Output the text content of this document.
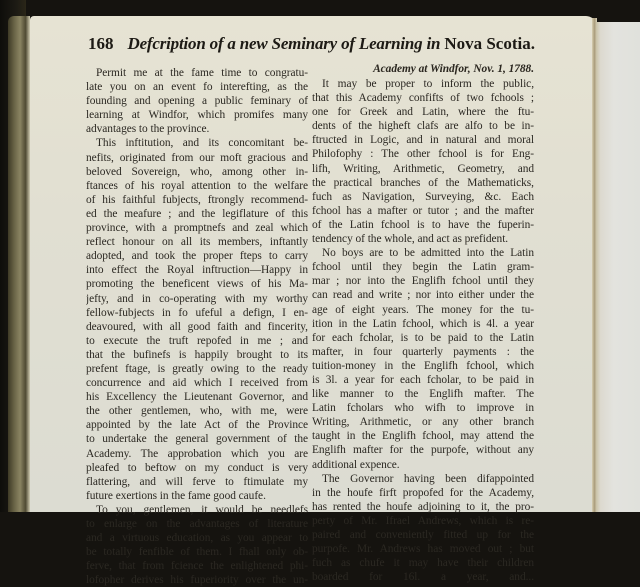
168 Defcription of a new Seminary of Learning in Nova Scotia.
Permit me at the fame time to congratu-
late you on an event fo interefting, as the
founding and opening a public feminary of
learning at Windfor, which promifes many
advantages to the province.
This inftitution, and its concomitant be-
nefits, originated from our moft gracious and
beloved Sovereign, who, among other in-
ftances of his royal attention to the welfare
of his faithful fubjects, ftrongly recommend-
ed the meafure ; and the legiflature of this
province, with a promptnefs and zeal which
reflect honour on all its members, inftantly
adopted, and took the proper fteps to carry
into effect the Royal inftruction—Happy in
promoting the beneficent views of his Ma-
jefty, and in co-operating with my worthy
fellow-fubjects in fo ufeful a defign, I en-
deavoured, with all good faith and fincerity,
to execute the truft repofed in me ; and
that the bufinefs is happily brought to its
prefent ftage, is greatly owing to the ready
concurrence and aid which I received from
his Excellency the Lieutenant Governor, and
the other gentlemen, who, with me, were
appointed by the late Act of the Province
to undertake the general government of the
Academy. The approbation which you are
pleafed to beftow on my conduct is very
flattering, and will ferve to ftimulate my
future exertions in the fame good caufe.
To you, gentlemen, it would be needlefs
to enlarge on the advantages of literature
and a virtuous education, as you appear to
be totally fenfible of them. I fhall only ob-
ferve, that from fcience the enlightened phi-
lofopher derives his fuperiority over the un-
Academy at Windfor, Nov. 1, 1788.
It may be proper to inform the public,
that this Academy confifts of two fchools ;
one for Greek and Latin, where the ftu-
dents of the higheft clafs are alfo to be in-
ftructed in Logic, and in natural and moral
Philofophy : The other fchool is for Eng-
lifh, Writing, Arithmetic, Geometry, and
the practical branches of the Mathematicks,
fuch as Navigation, Surveying, &c. Each
fchool has a mafter or tutor ; and the mafter
of the Latin fchool is to have the fuperin-
tendency of the whole, and act as prefident.
No boys are to be admitted into the Latin
fchool until they begin the Latin gram-
mar ; nor into the Englifh fchool until they
can read and write ; nor into either under the
age of eight years. The money for the tu-
ition in the Latin fchool, which is 4l. a year
for each fcholar, is to be paid to the Latin
mafter, in four quarterly payments : the
tuition-money in the Englifh fchool, which
is 3l. a year for each fcholar, to be paid in
like manner to the Englifh mafter. The
Latin fcholars who wifh to improve in
Writing, Arithmetic, or any other branch
taught in the Englifh fchool, may attend the
Englifh mafter for the purpofe, without any
additional expence.
The Governor having been difappointed
in the houfe firft propofed for the Academy,
has rented the houfe adjoining to it, the pro-
perty of Mr. Ifrael Andrews, which is re-
paired and conveniently fitted up for the
purpofe. Mr. Andrews has moved out ; but
fuch as chufe it may have their children
boarded for 16l. a year, and...
